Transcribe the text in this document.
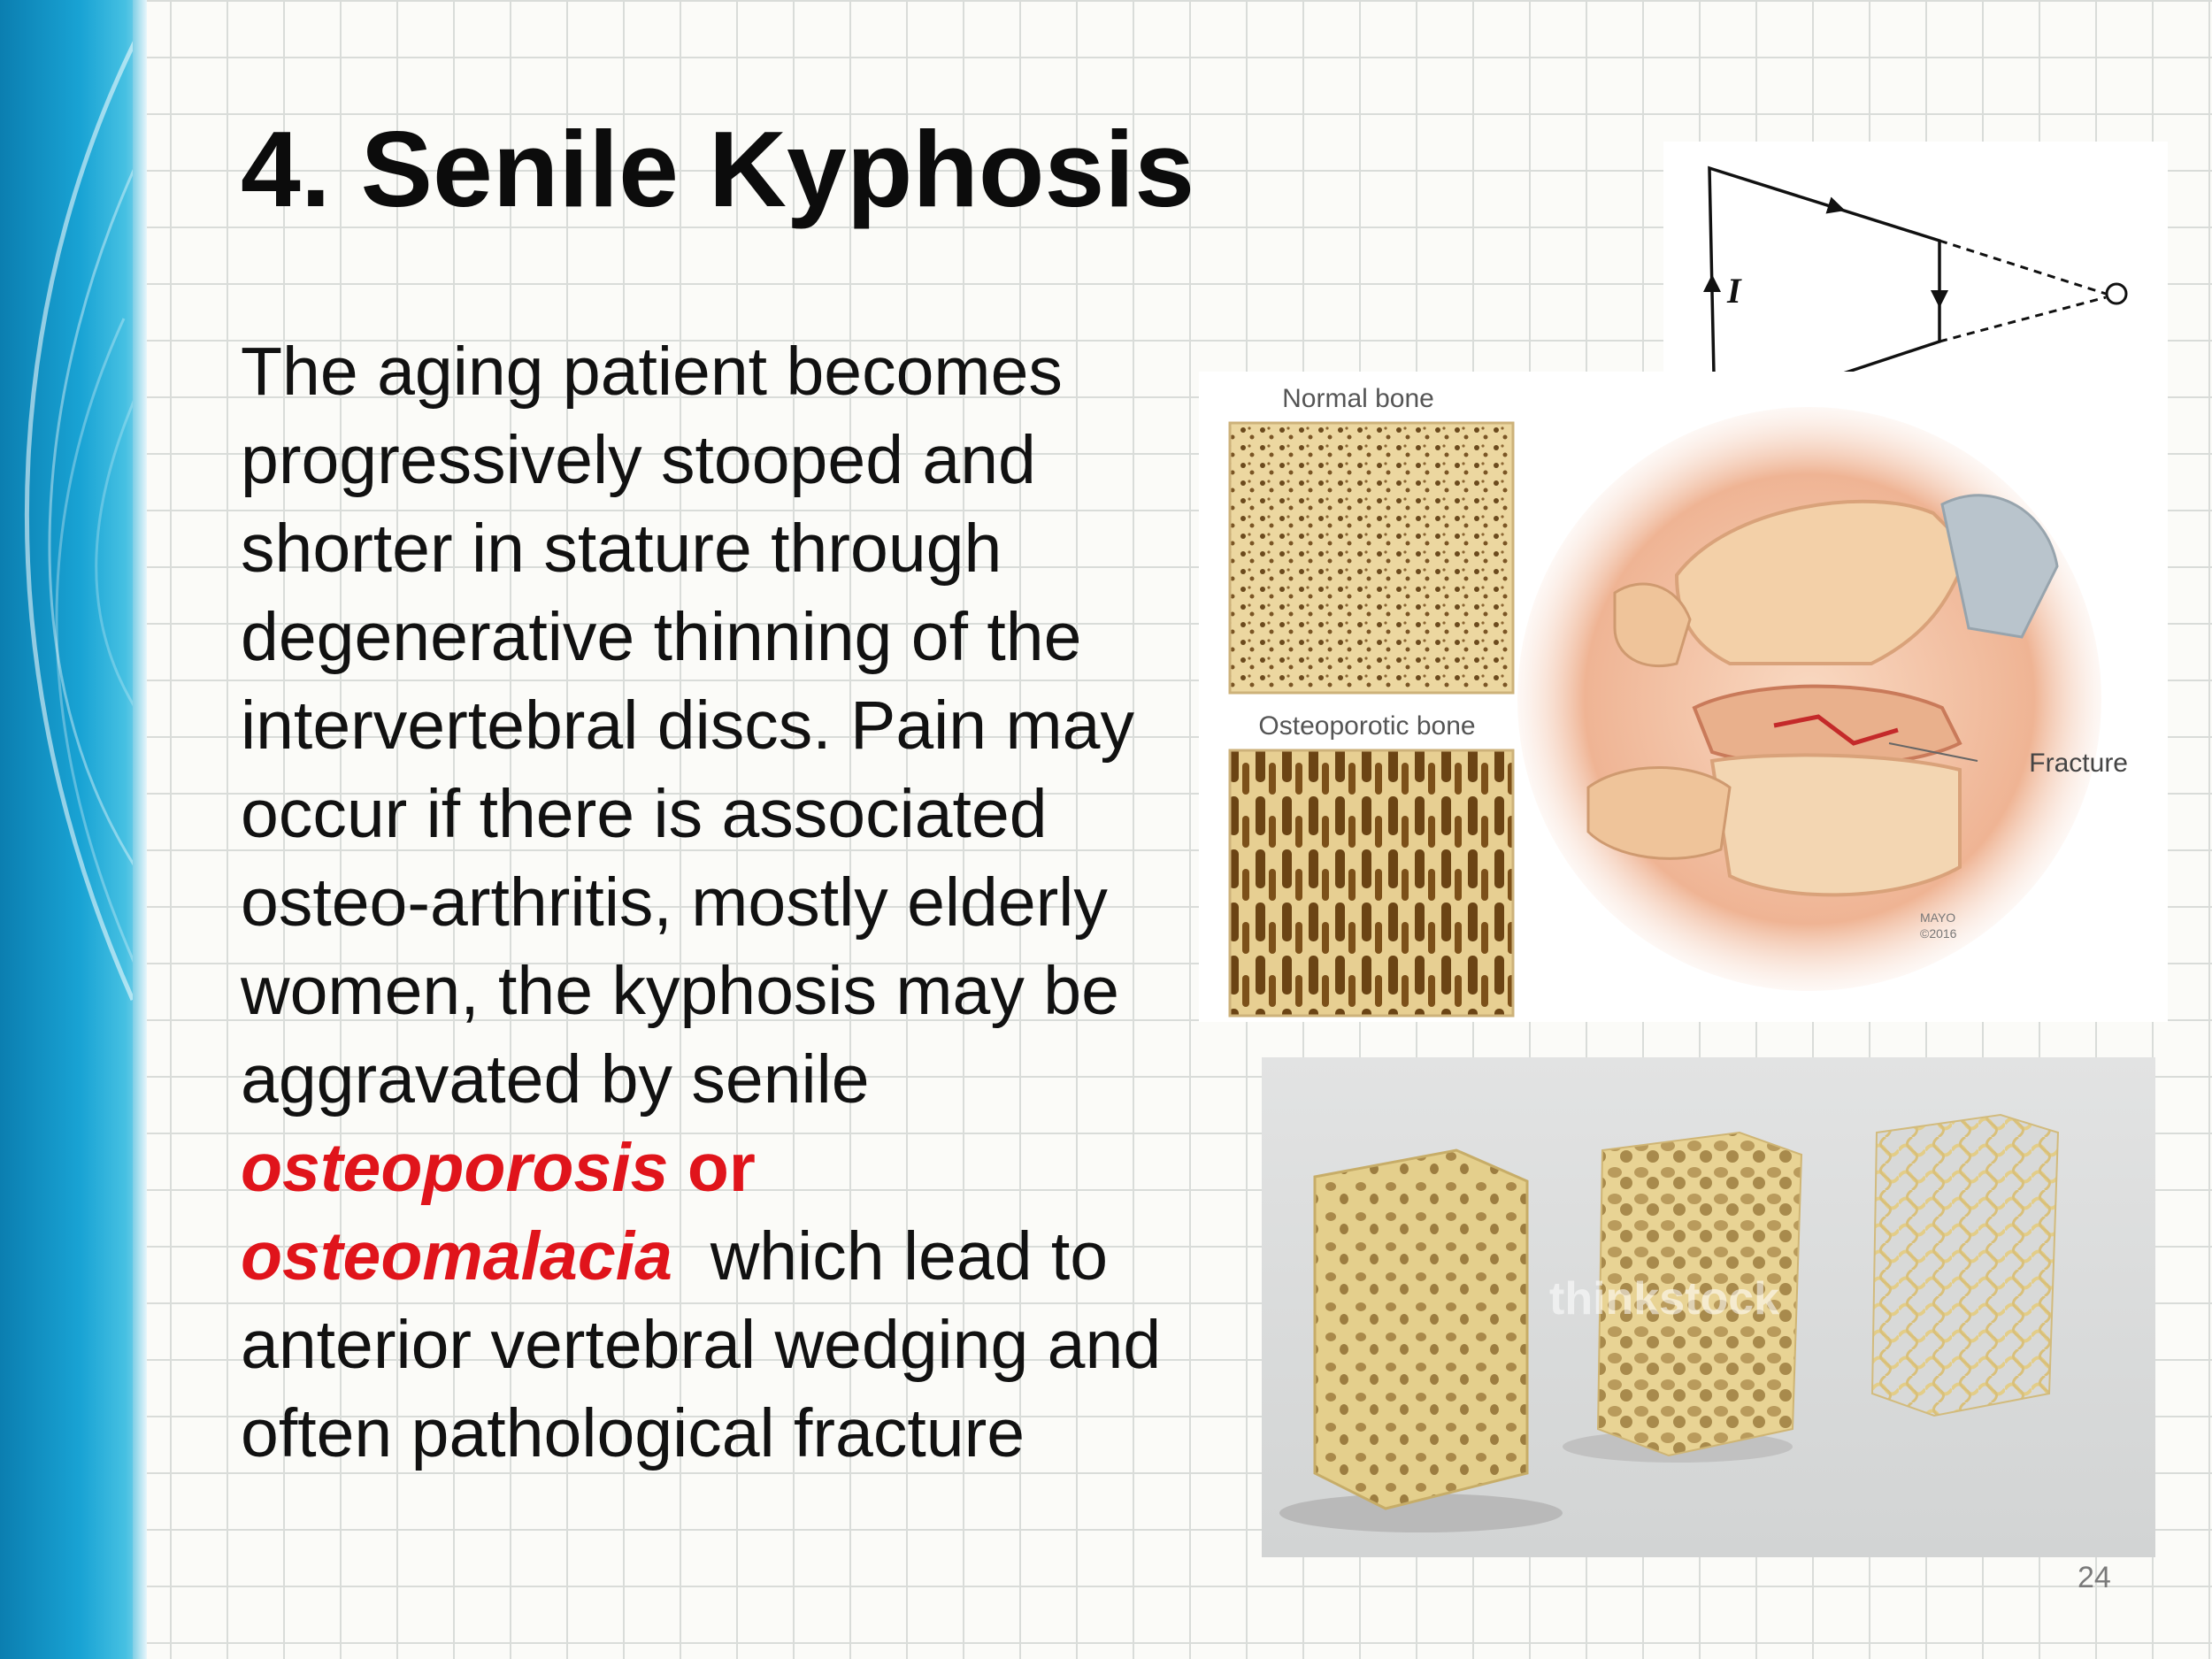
4. Senile Kyphosis
The aging patient becomes
progressively stooped and
shorter in stature through
degenerative thinning of the
intervertebral discs. Pain may
occur if there is associated
osteo-arthritis, mostly elderly
women, the kyphosis may be
aggravated by senile
osteoporosis or
osteomalacia  which lead to
anterior vertebral wedging and
often pathological fracture
I	O
Normal bone
Osteoporotic bone
Fracture
MAYO
©2016
thinkstock
24
